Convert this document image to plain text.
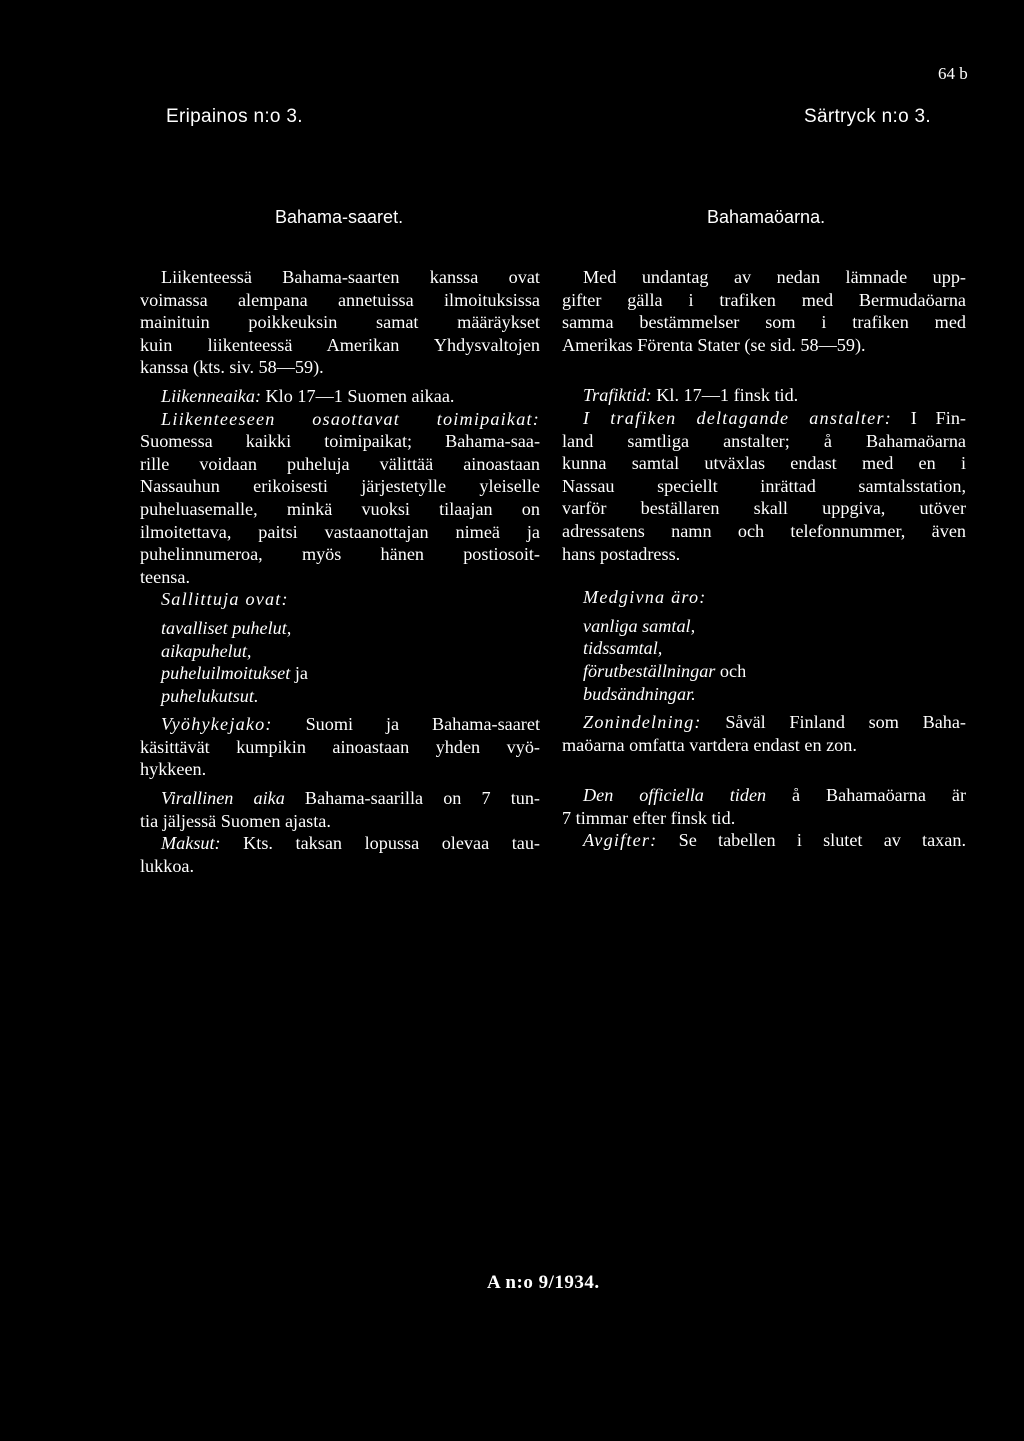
64 b
Eripainos n:o 3.	Särtryck n:o 3.
Bahama-saaret.	Bahamaöarna.
Liikenteessä Bahama-saarten kanssa ovat
voimassa alempana annetuissa ilmoituksissa
mainituin poikkeuksin samat määräykset
kuin liikenteessä Amerikan Yhdysvaltojen
kanssa (kts. siv. 58—59).
Liikenneaika: Klo 17—1 Suomen aikaa.
Liikenteeseen osaottavat toimipaikat:
Suomessa kaikki toimipaikat; Bahama-saa-
rille voidaan puheluja välittää ainoastaan
Nassauhun erikoisesti järjestetylle yleiselle
puheluasemalle, minkä vuoksi tilaajan on
ilmoitettava, paitsi vastaanottajan nimeä ja
puhelinnumeroa, myös hänen postiosoit-
teensa.
Sallittuja ovat:
tavalliset puhelut,
aikapuhelut,
puheluilmoitukset ja
puhelukutsut.
Vyöhykejako: Suomi ja Bahama-saaret
käsittävät kumpikin ainoastaan yhden vyö-
hykkeen.
Virallinen aika Bahama-saarilla on 7 tun-
tia jäljessä Suomen ajasta.
Maksut: Kts. taksan lopussa olevaa tau-
lukkoa.
Med undantag av nedan lämnade upp-
gifter gälla i trafiken med Bermudaöarna
samma bestämmelser som i trafiken med
Amerikas Förenta Stater (se sid. 58—59).
Trafiktid: Kl. 17—1 finsk tid.
I trafiken deltagande anstalter: I Fin-
land samtliga anstalter; å Bahamaöarna
kunna samtal utväxlas endast med en i
Nassau speciellt inrättad samtalsstation,
varför beställaren skall uppgiva, utöver
adressatens namn och telefonnummer, även
hans postadress.
Medgivna äro:
vanliga samtal,
tidssamtal,
förutbeställningar och
budsändningar.
Zonindelning: Såväl Finland som Baha-
maöarna omfatta vartdera endast en zon.
Den officiella tiden å Bahamaöarna är
7 timmar efter finsk tid.
Avgifter: Se tabellen i slutet av taxan.
A n:o 9/1934.
